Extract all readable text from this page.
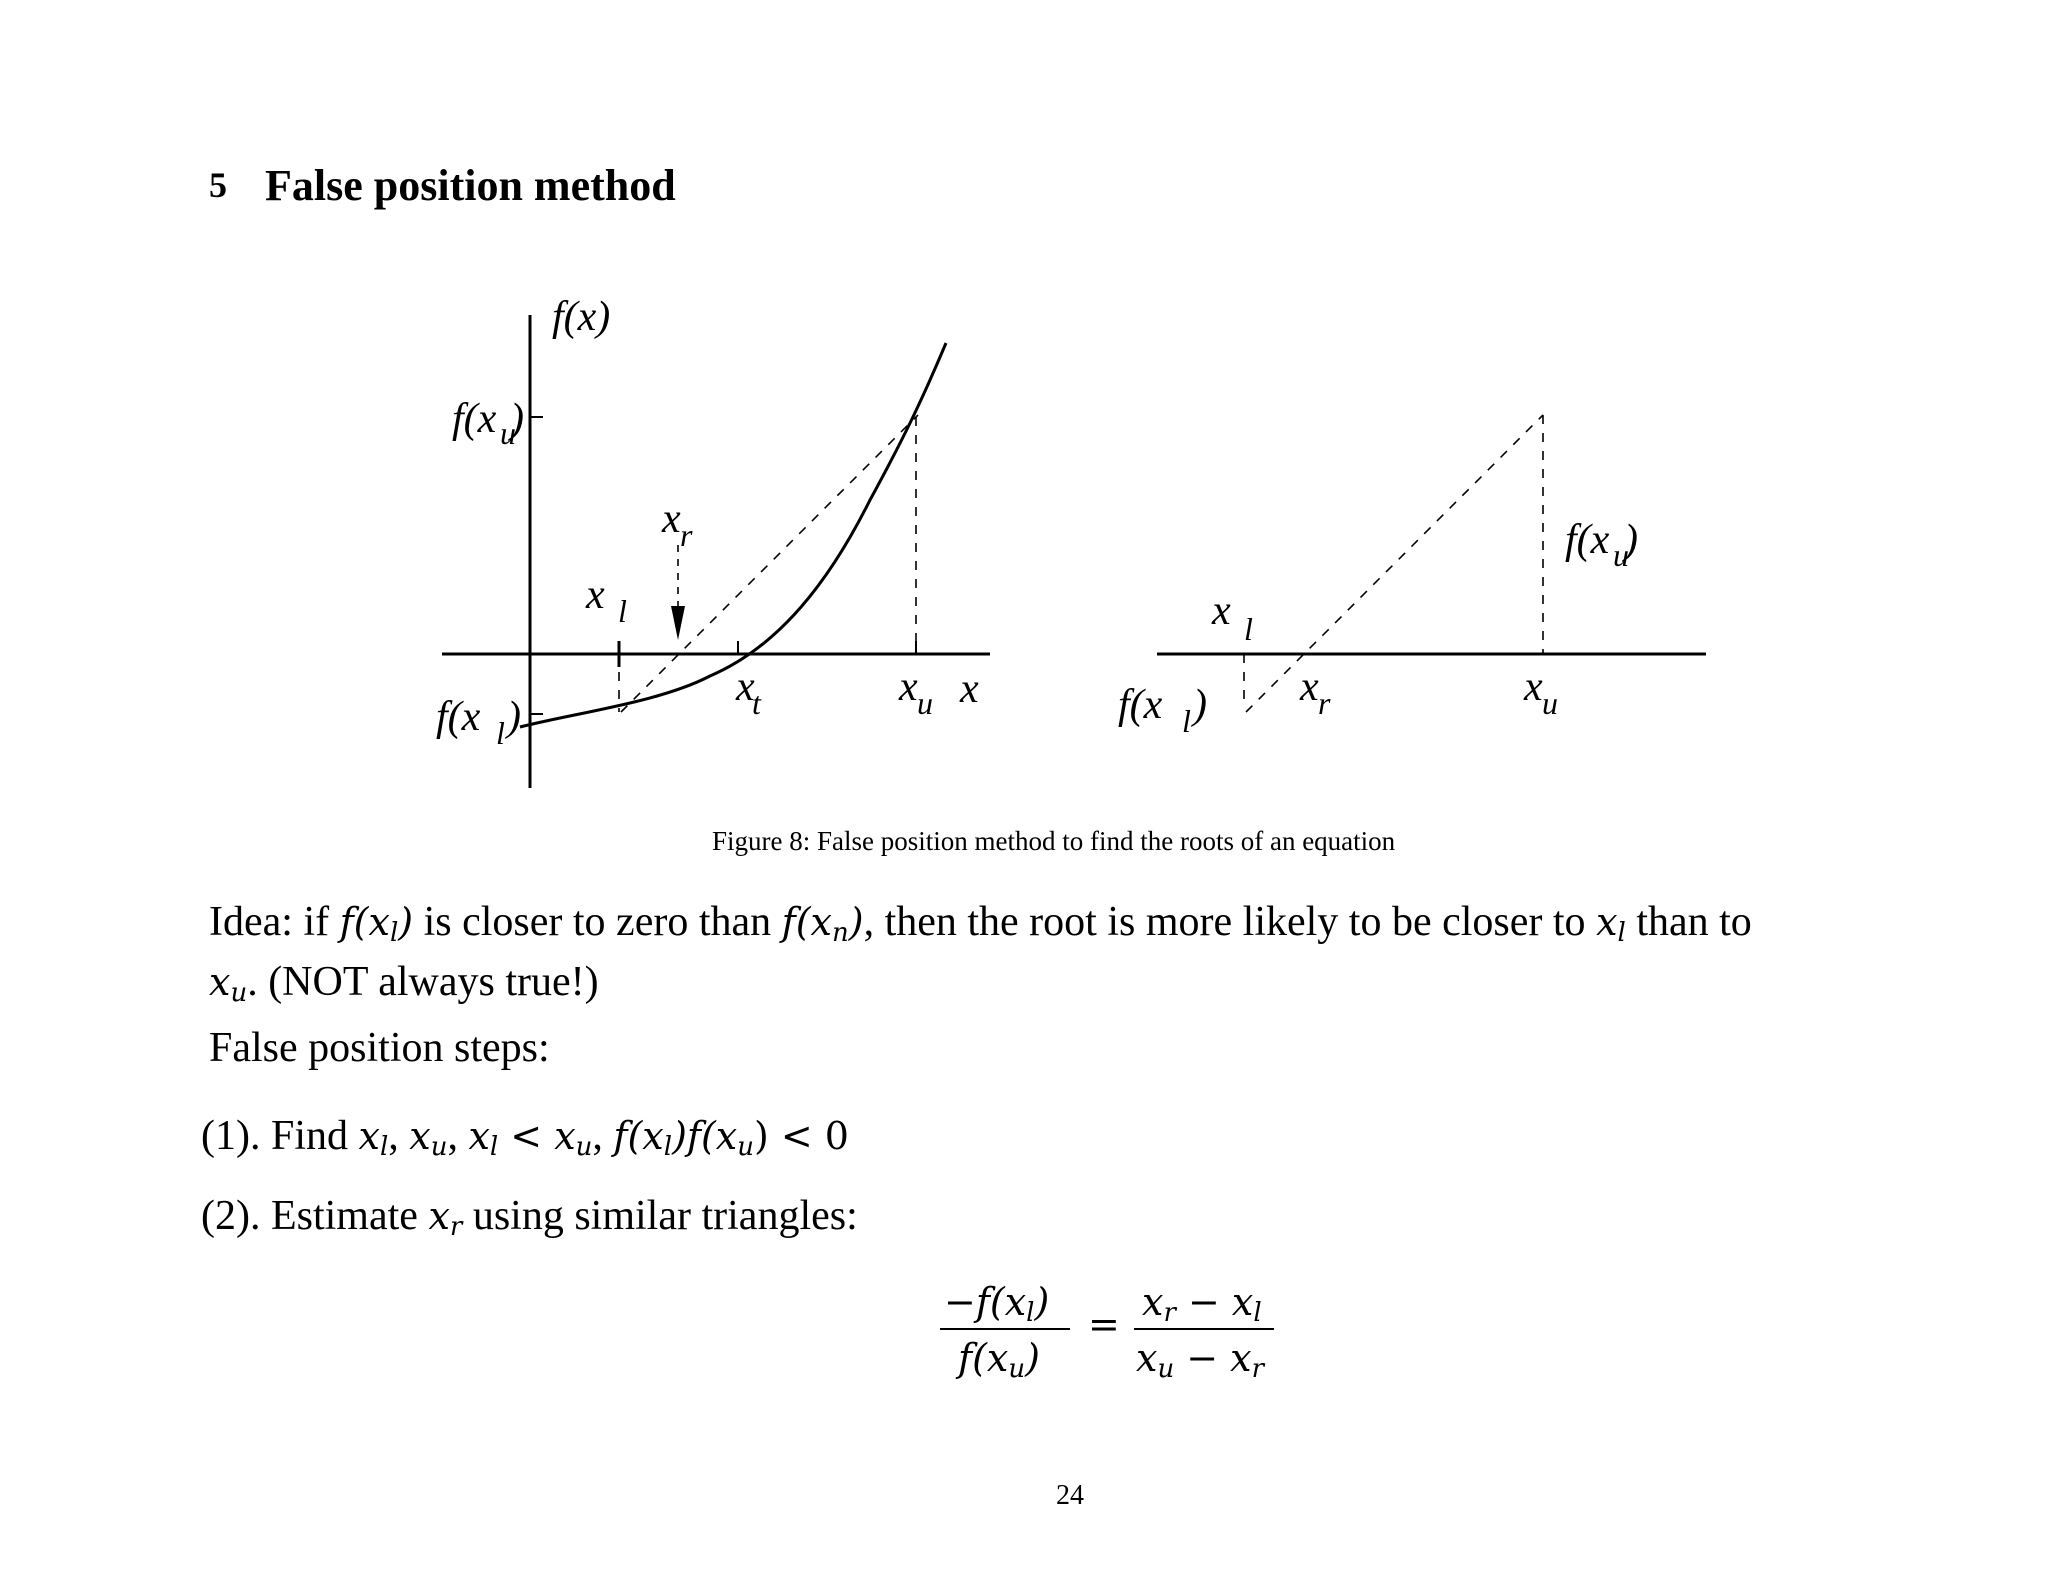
5 False position method
f(x)
f(x u
)
f(x l )
x r
x l
x
t	x u x
f(x u
)
x l
f(x l ) x r	x u
Figure 8: False position method to find the roots of an equation
Idea: if f(xl) is closer to zero than f(xn), then the root is more likely to be closer to xl than to
xu. (NOT always true!)
False position steps:
(1). Find xl, xu, xl < xu, f(xl)f(xu) < 0
(2). Estimate xr using similar triangles:
−f(xl)
f(xu)
= xr − xl
xu − xr
24
